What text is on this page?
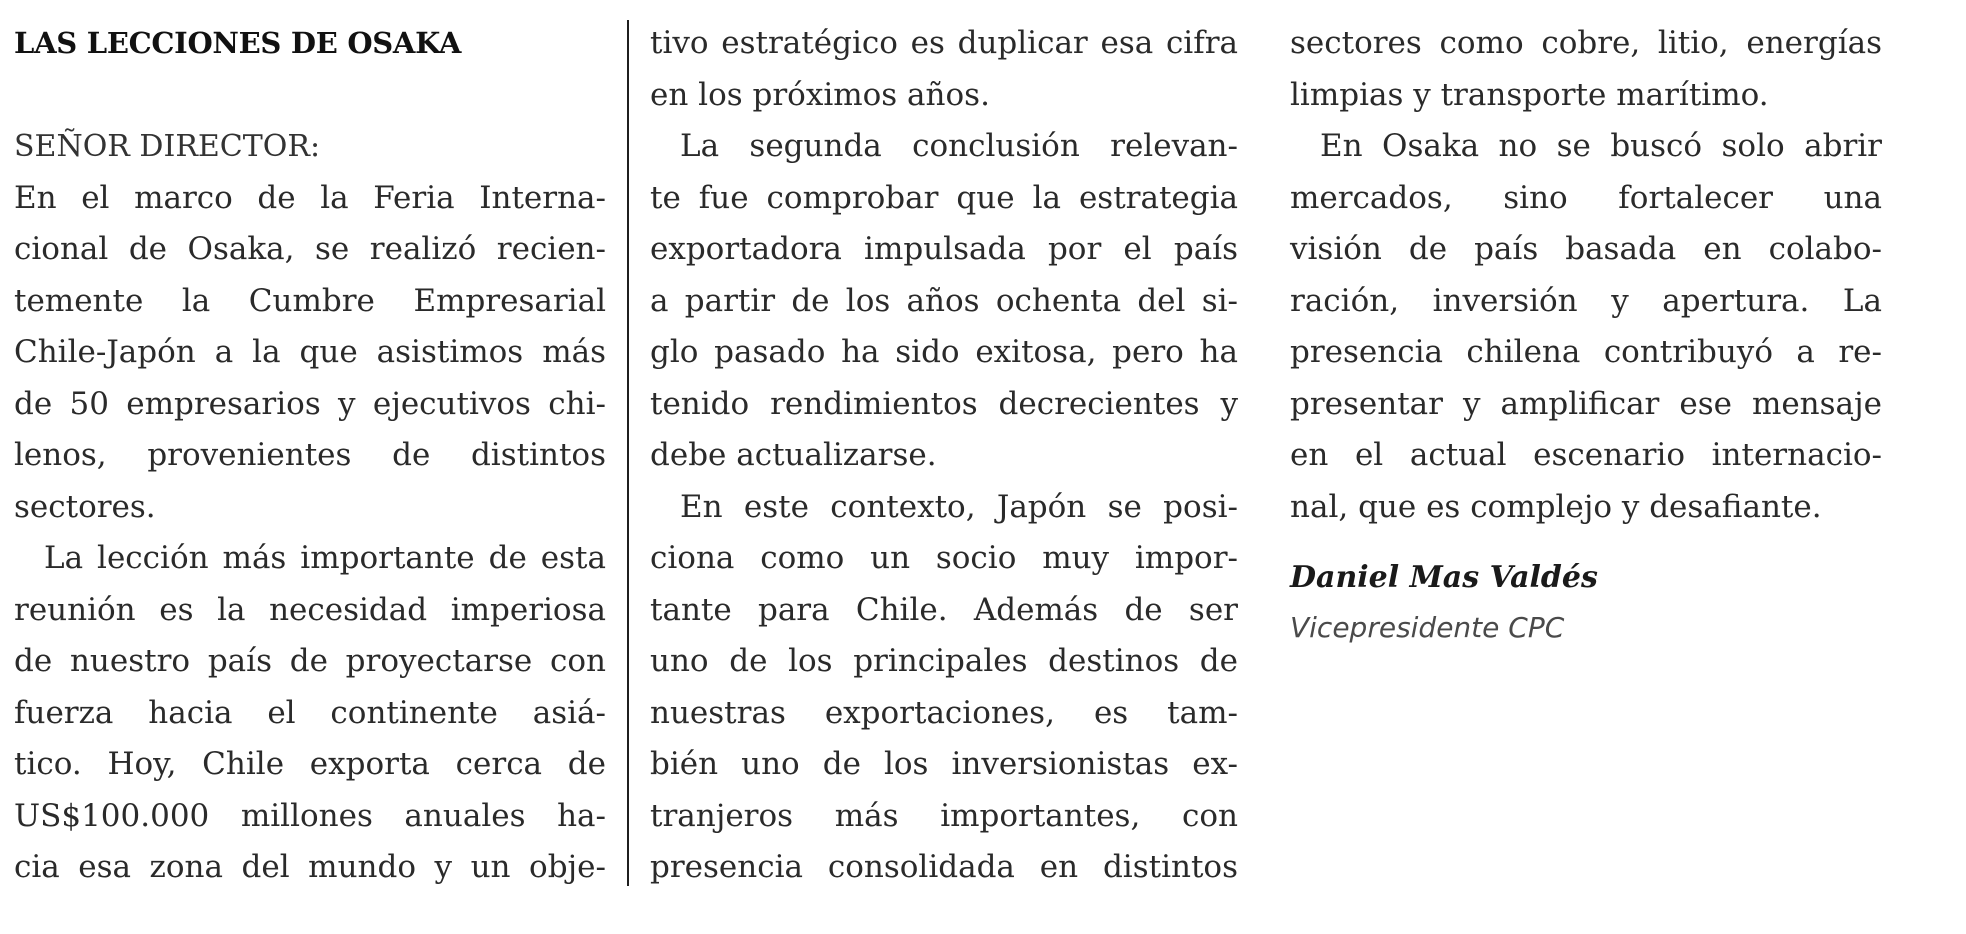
LAS LECCIONES DE OSAKA
SEÑOR DIRECTOR:
En el marco de la Feria Interna-
cional de Osaka, se realizó recien-
temente la Cumbre Empresarial
Chile-Japón a la que asistimos más
de 50 empresarios y ejecutivos chi-
lenos, provenientes de distintos
sectores.
La lección más importante de esta
reunión es la necesidad imperiosa
de nuestro país de proyectarse con
fuerza hacia el continente asiá-
tico. Hoy, Chile exporta cerca de
US$100.000 millones anuales ha-
cia esa zona del mundo y un obje-
tivo estratégico es duplicar esa cifra
en los próximos años.
La segunda conclusión relevan-
te fue comprobar que la estrategia
exportadora impulsada por el país
a partir de los años ochenta del si-
glo pasado ha sido exitosa, pero ha
tenido rendimientos decrecientes y
debe actualizarse.
En este contexto, Japón se posi-
ciona como un socio muy impor-
tante para Chile. Además de ser
uno de los principales destinos de
nuestras exportaciones, es tam-
bién uno de los inversionistas ex-
tranjeros más importantes, con
presencia consolidada en distintos
sectores como cobre, litio, energías
limpias y transporte marítimo.
En Osaka no se buscó solo abrir
mercados, sino fortalecer una
visión de país basada en colabo-
ración, inversión y apertura. La
presencia chilena contribuyó a re-
presentar y amplificar ese mensaje
en el actual escenario internacio-
nal, que es complejo y desafiante.
Daniel Mas Valdés
Vicepresidente CPC
